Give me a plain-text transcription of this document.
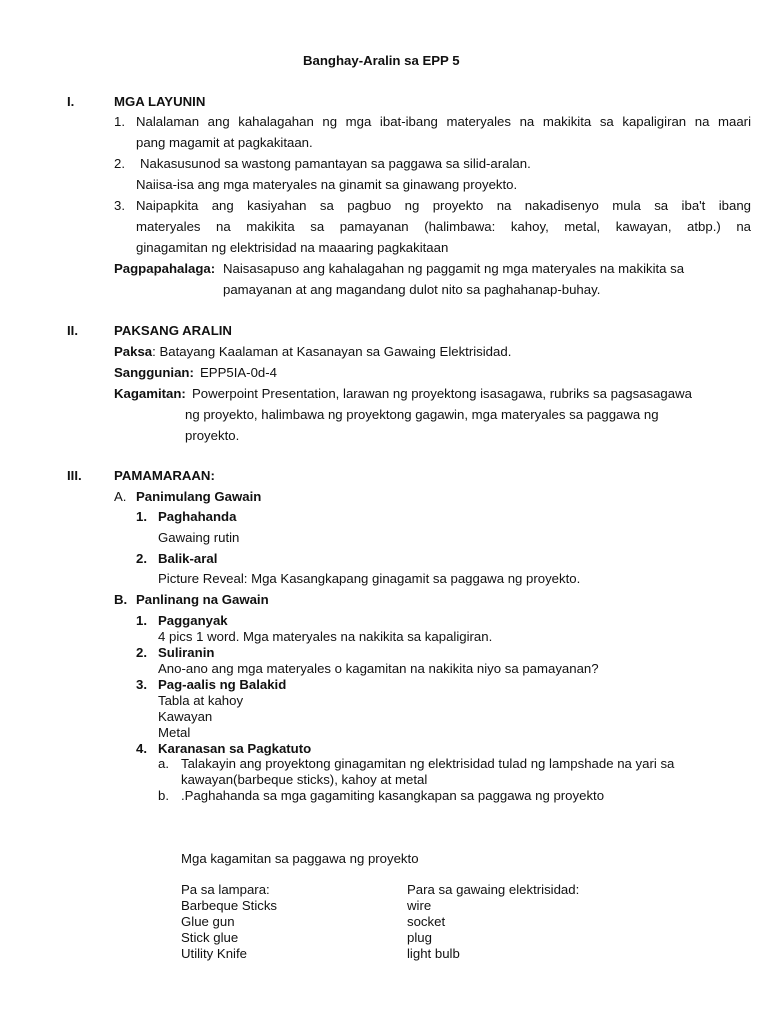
Banghay-Aralin sa EPP 5
I.	MGA LAYUNIN
1. Nalalaman ang kahalagahan ng mga ibat-ibang materyales na makikita sa kapaligiran na maari
pang magamit at pagkakitaan.
2. Nakasusunod sa wastong pamantayan sa paggawa sa silid-aralan.
Naiisa-isa ang mga materyales na ginamit sa ginawang proyekto.
3. Naipapkita ang kasiyahan sa pagbuo ng proyekto na nakadisenyo mula sa iba't ibang
materyales na makikita sa pamayanan (halimbawa: kahoy, metal, kawayan, atbp.) na
ginagamitan ng elektrisidad na maaaring pagkakitaan
Pagpapahalaga: Naisasapuso ang kahalagahan ng paggamit ng mga materyales na makikita sa
pamayanan at ang magandang dulot nito sa paghahanap-buhay.
II.	PAKSANG ARALIN
Paksa: Batayang Kaalaman at Kasanayan sa Gawaing Elektrisidad.
Sanggunian: EPP5IA-0d-4
Kagamitan: Powerpoint Presentation, larawan ng proyektong isasagawa, rubriks sa pagsasagawa
ng proyekto, halimbawa ng proyektong gagawin, mga materyales sa paggawa ng
proyekto.
III. PAMAMARAAN:
A. Panimulang Gawain
1. Paghahanda
Gawaing rutin
2. Balik-aral
Picture Reveal: Mga Kasangkapang ginagamit sa paggawa ng proyekto.
B. Panlinang na Gawain
1. Pagganyak
4 pics 1 word. Mga materyales na nakikita sa kapaligiran.
2. Suliranin
Ano-ano ang mga materyales o kagamitan na nakikita niyo sa pamayanan?
3. Pag-aalis ng Balakid
Tabla at kahoy
Kawayan
Metal
4. Karanasan sa Pagkatuto
a. Talakayin ang proyektong ginagamitan ng elektrisidad tulad ng lampshade na yari sa
kawayan(barbeque sticks), kahoy at metal
b. .Paghahanda sa mga gagamiting kasangkapan sa paggawa ng proyekto
Mga kagamitan sa paggawa ng proyekto
Pa sa lampara:
Barbeque Sticks
Glue gun
Stick glue
Utility Knife
Para sa gawaing elektrisidad:
wire
socket
plug
light bulb
